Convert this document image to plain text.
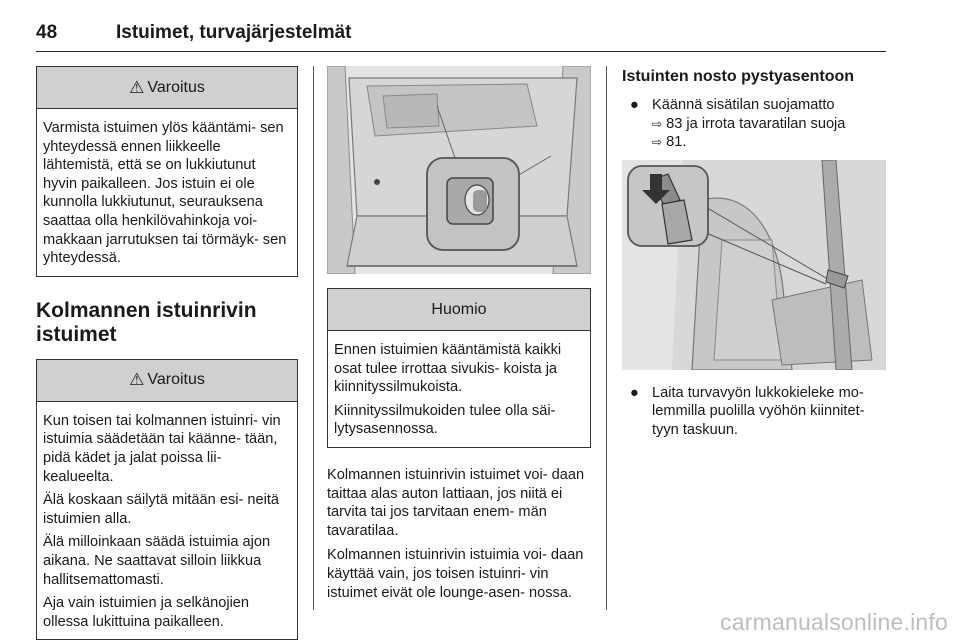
48	Istuimet, turvajärjestelmät
⚠ Varoitus

Varmista istuimen ylös kääntämi- sen yhteydessä ennen liikkeelle lähtemistä, että se on lukkiutunut hyvin paikalleen. Jos istuin ei ole kunnolla lukkiutunut, seurauksena saattaa olla henkilövahinkoja voi- makkaan jarrutuksen tai törmäyk- sen yhteydessä.

Kolmannen istuinrivin istuimet
⚠ Varoitus

Kun toisen tai kolmannen istuinri- vin istuimia säädetään tai käänne- tään, pidä kädet ja jalat poissa lii- kealueelta.

Älä koskaan säilytä mitään esi- neitä istuimien alla.

Älä milloinkaan säädä istuimia ajon aikana. Ne saattavat silloin liikkua hallitsemattomasti.

Aja vain istuimien ja selkänojien ollessa lukittuina paikalleen.

Huomio

Ennen istuimien kääntämistä kaikki osat tulee irrottaa sivukis- koista ja kiinnityssilmukoista.

Kiinnityssilmukoiden tulee olla säi- lytysasennossa.

Kolmannen istuinrivin istuimet voi- daan taittaa alas auton lattiaan, jos niitä ei tarvita tai jos tarvitaan enem- män tavaratilaa.

Kolmannen istuinrivin istuimia voi- daan käyttää vain, jos toisen istuinri- vin istuimet eivät ole lounge-asen- nossa.

Istuinten nosto pystyasentoon
● Käännä sisätilan suojamatto
⇨ 83 ja irrota tavaratilan suoja
⇨ 81.
● Laita turvavyön lukkokieleke mo- lemmilla puolilla vyöhön kiinnitet- tyyn taskuun.
carmanualsonline.info
